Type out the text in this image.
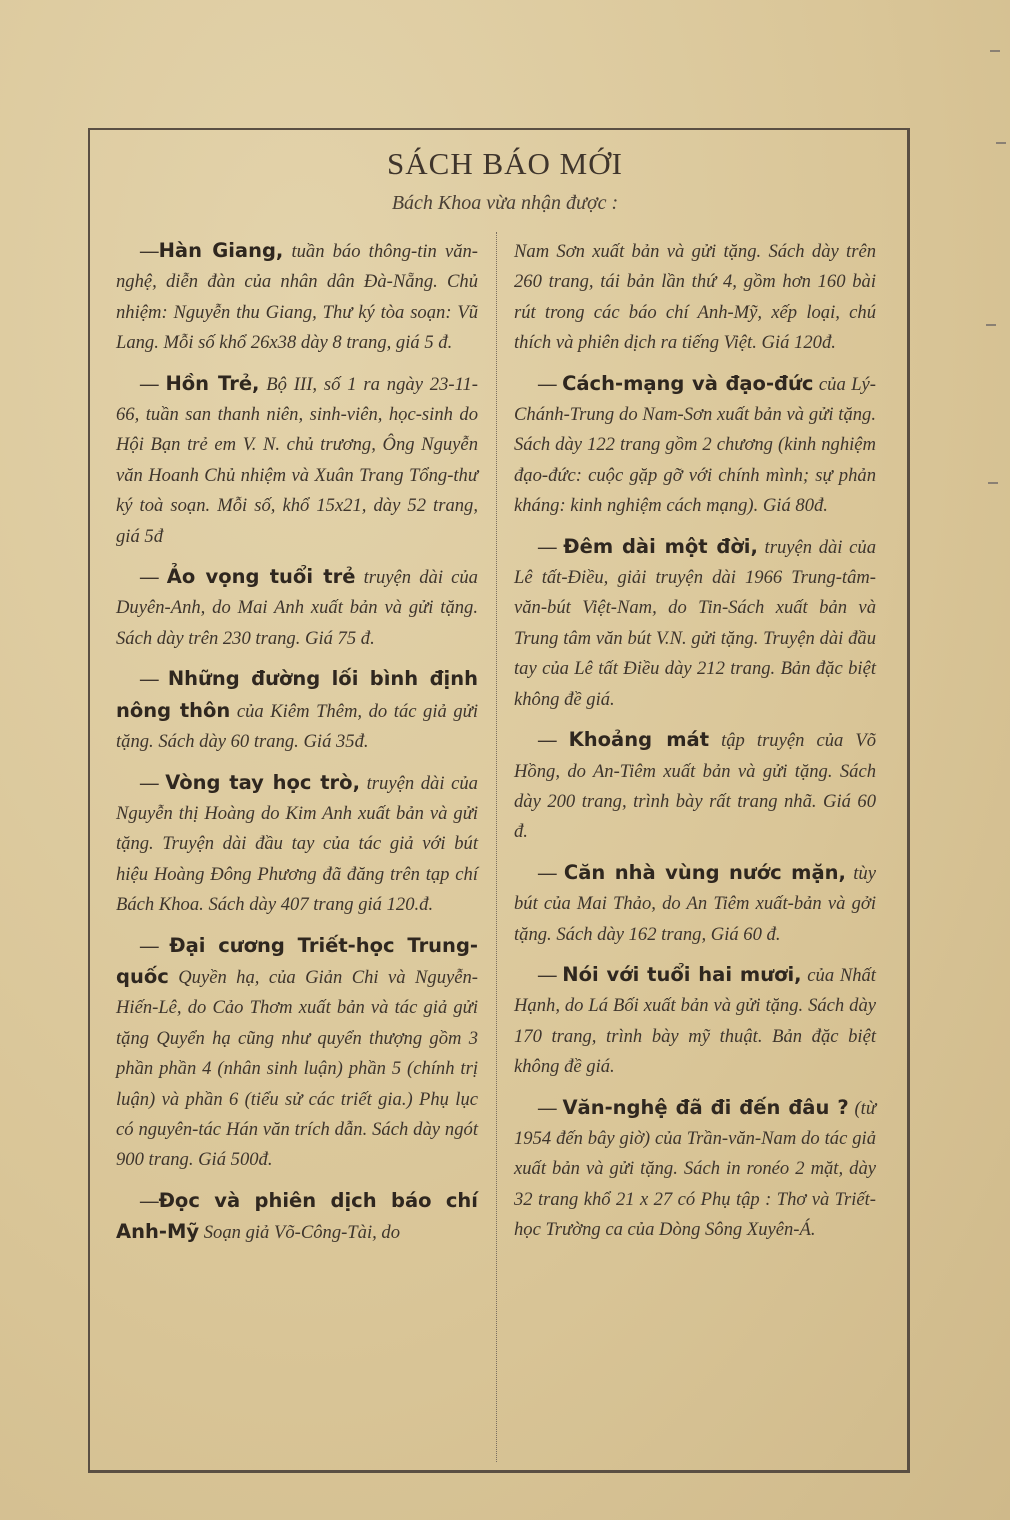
SÁCH BÁO MỚI
Bách Khoa vừa nhận được :

—Hàn Giang, tuần báo thông-tin văn-nghệ, diễn đàn của nhân dân Đà-Nẵng. Chủ nhiệm: Nguyễn thu Giang, Thư ký tòa soạn: Vũ Lang. Mỗi số khổ 26x38 dày 8 trang, giá 5 đ.

— Hồn Trẻ, Bộ III, số 1 ra ngày 23-11-66, tuần san thanh niên, sinh-viên, học-sinh do Hội Bạn trẻ em V. N. chủ trương, Ông Nguyễn văn Hoanh Chủ nhiệm và Xuân Trang Tổng-thư ký toà soạn. Mỗi số, khổ 15x21, dày 52 trang, giá 5đ

— Ảo vọng tuổi trẻ truyện dài của Duyên-Anh, do Mai Anh xuất bản và gửi tặng. Sách dày trên 230 trang. Giá 75 đ.

— Những đường lối bình định nông thôn của Kiêm Thêm, do tác giả gửi tặng. Sách dày 60 trang. Giá 35đ.

— Vòng tay học trò, truyện dài của Nguyễn thị Hoàng do Kim Anh xuất bản và gửi tặng. Truyện dài đầu tay của tác giả với bút hiệu Hoàng Đông Phương đã đăng trên tạp chí Bách Khoa. Sách dày 407 trang giá 120.đ.

— Đại cương Triết-học Trung-quốc Quyền hạ, của Giản Chi và Nguyễn-Hiến-Lê, do Cảo Thơm xuất bản và tác giả gửi tặng Quyển hạ cũng như quyển thượng gồm 3 phần phần 4 (nhân sinh luận) phần 5 (chính trị luận) và phần 6 (tiểu sử các triết gia.) Phụ lục có nguyên-tác Hán văn trích dẫn. Sách dày ngót 900 trang. Giá 500đ.

—Đọc và phiên dịch báo chí Anh-Mỹ Soạn giả Võ-Công-Tài, do

Nam Sơn xuất bản và gửi tặng. Sách dày trên 260 trang, tái bản lần thứ 4, gồm hơn 160 bài rút trong các báo chí Anh-Mỹ, xếp loại, chú thích và phiên dịch ra tiếng Việt. Giá 120đ.

— Cách-mạng và đạo-đức của Lý-Chánh-Trung do Nam-Sơn xuất bản và gửi tặng. Sách dày 122 trang gồm 2 chương (kinh nghiệm đạo-đức: cuộc gặp gỡ với chính mình; sự phản kháng: kinh nghiệm cách mạng). Giá 80đ.

— Đêm dài một đời, truyện dài của Lê tất-Điều, giải truyện dài 1966 Trung-tâm-văn-bút Việt-Nam, do Tin-Sách xuất bản và Trung tâm văn bút V.N. gửi tặng. Truyện dài đầu tay của Lê tất Điều dày 212 trang. Bản đặc biệt không đề giá.

— Khoảng mát tập truyện của Võ Hồng, do An-Tiêm xuất bản và gửi tặng. Sách dày 200 trang, trình bày rất trang nhã. Giá 60 đ.

— Căn nhà vùng nước mặn, tùy bút của Mai Thảo, do An Tiêm xuất-bản và gởi tặng. Sách dày 162 trang, Giá 60 đ.

— Nói với tuổi hai mươi, của Nhất Hạnh, do Lá Bối xuất bản và gửi tặng. Sách dày 170 trang, trình bày mỹ thuật. Bản đặc biệt không đề giá.

— Văn-nghệ đã đi đến đâu ? (từ 1954 đến bây giờ) của Trần-văn-Nam do tác giả xuất bản và gửi tặng. Sách in ronéo 2 mặt, dày 32 trang khổ 21 x 27 có Phụ tập : Thơ và Triết-học Trường ca của Dòng Sông Xuyên-Á.
